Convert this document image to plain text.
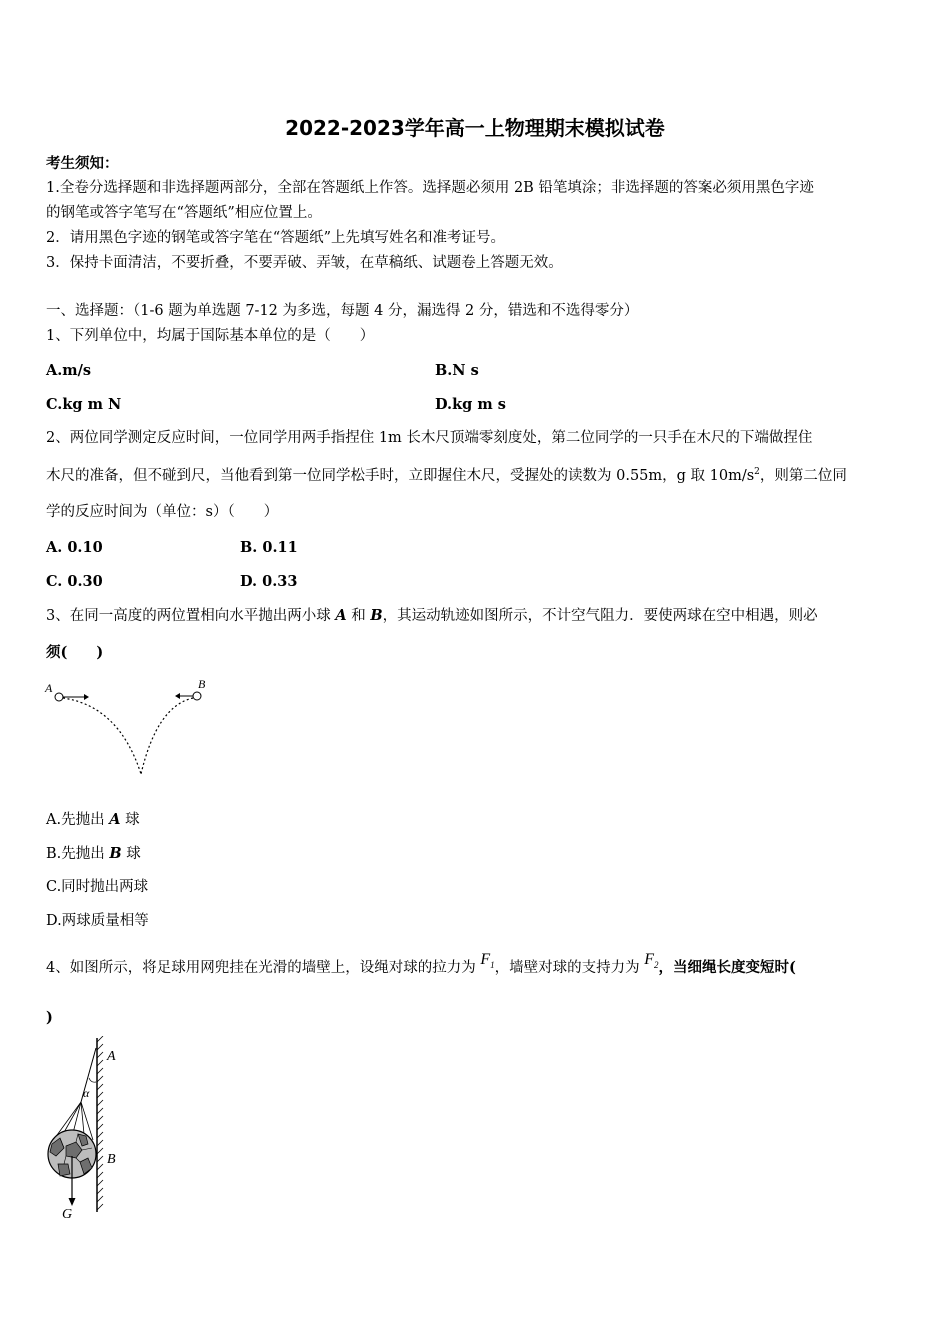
2022-2023学年高一上物理期末模拟试卷
考生须知：
1.全卷分选择题和非选择题两部分，全部在答题纸上作答。选择题必须用 2B 铅笔填涂；非选择题的答案必须用黑色字迹
的钢笔或答字笔写在“答题纸”相应位置上。
2．请用黑色字迹的钢笔或答字笔在“答题纸”上先填写姓名和准考证号。
3．保持卡面清洁，不要折叠，不要弄破、弄皱，在草稿纸、试题卷上答题无效。
一、选择题：（1-6 题为单选题 7-12 为多选，每题 4 分，漏选得 2 分，错选和不选得零分）
1、下列单位中，均属于国际基本单位的是（　　）
A.m/s	B.N s
C.kg m N	D.kg m s
2、两位同学测定反应时间，一位同学用两手指捏住 1m 长木尺顶端零刻度处，第二位同学的一只手在木尺的下端做捏住
木尺的准备，但不碰到尺，当他看到第一位同学松手时，立即握住木尺，受握处的读数为 0.55m，g 取 $10m/s^2$，则第二位同
学的反应时间为（单位：s）（　　）
A. 0.10	B. 0.11
C. 0.30	D. 0.33
3、在同一高度的两位置相向水平抛出两小球 A 和 B，其运动轨迹如图所示，不计空气阻力．要使两球在空中相遇，则必
须(　　)
A	B
A.先抛出 A 球
B.先抛出 B 球
C.同时抛出两球
D.两球质量相等
4、如图所示，将足球用网兜挂在光滑的墙壁上，设绳对球的拉力为 $F_1$，墙壁对球的支持力为 $F_2$，当细绳长度变短时(
)
A
α
B
G
